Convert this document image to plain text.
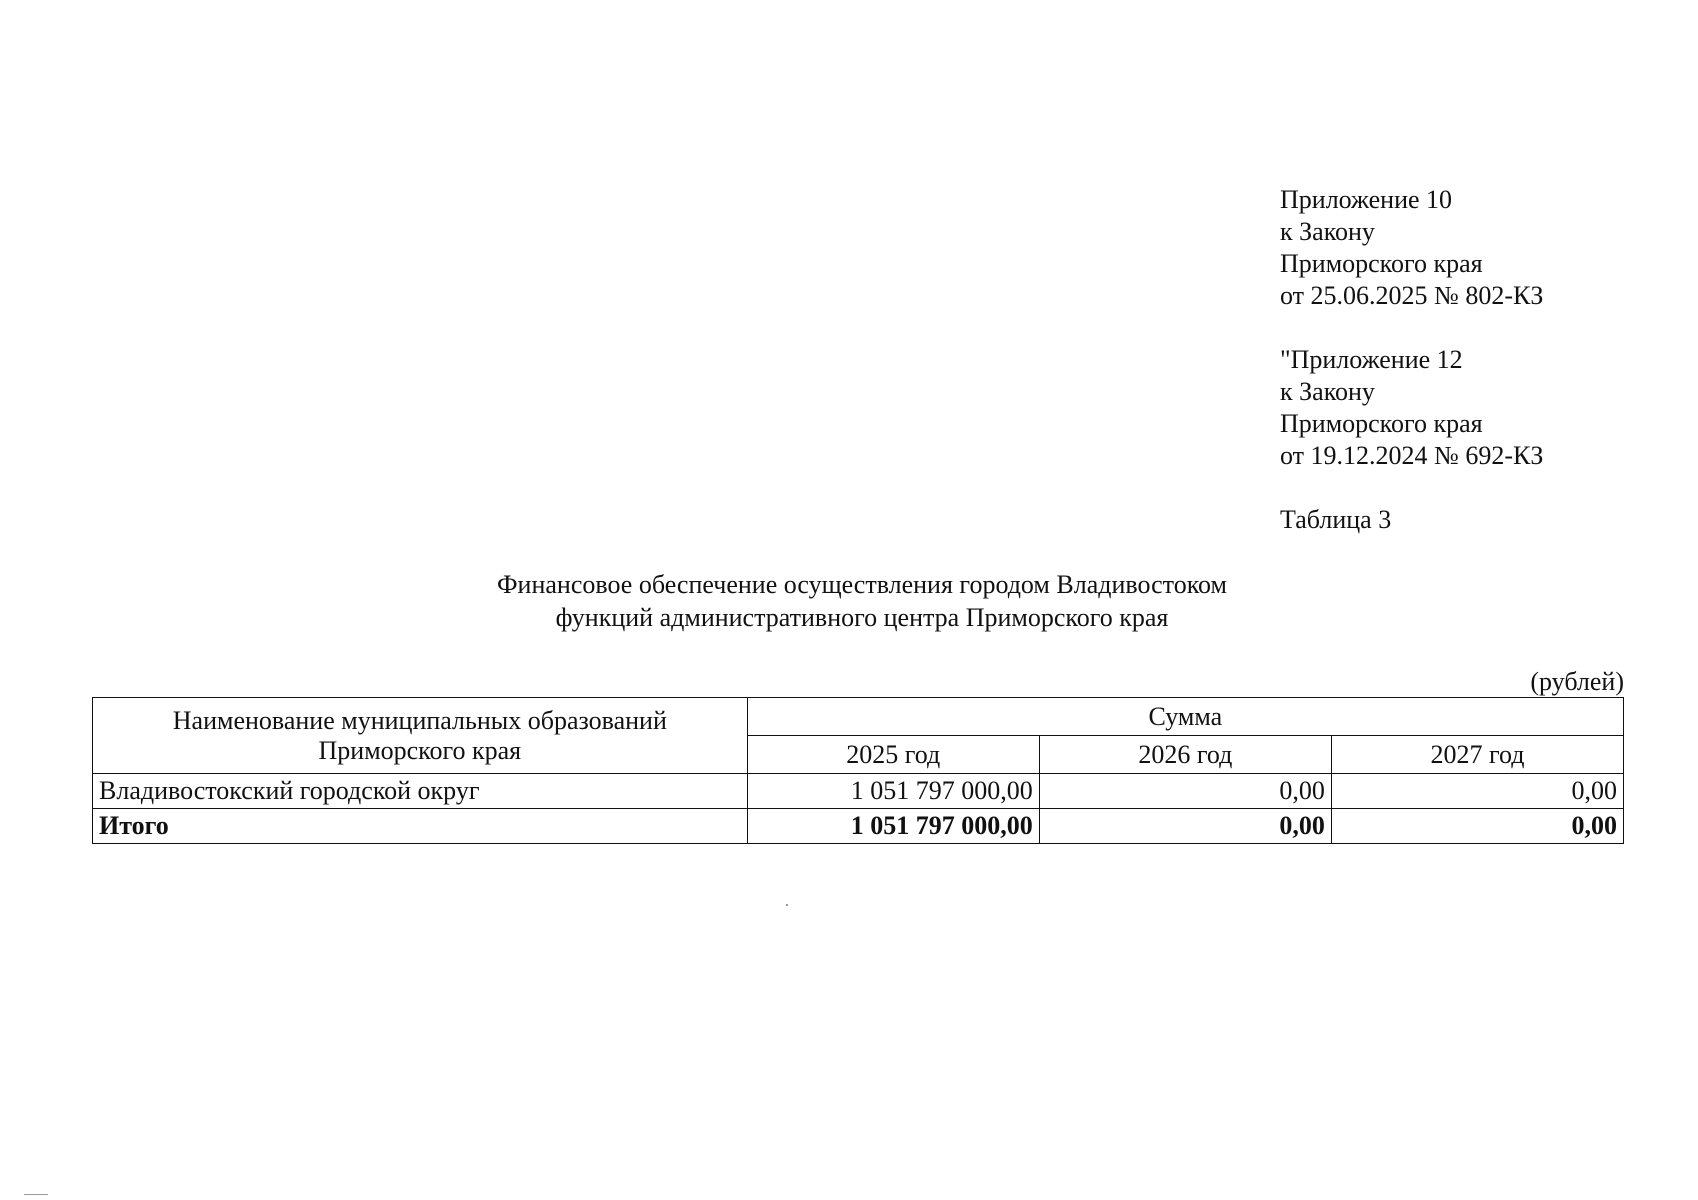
Приложение 10
к Закону
Приморского края
от 25.06.2025 № 802-КЗ
"Приложение 12
к Закону
Приморского края
от 19.12.2024 № 692-КЗ
Таблица 3
Финансовое обеспечение осуществления городом Владивостоком
функций административного центра Приморского края
(рублей)
Наименование муниципальных образований Приморского края	Сумма		
	2025 год	2026 год	2027 год
Владивостокский городской округ	1 051 797 000,00	0,00	0,00
Итого	1 051 797 000,00	0,00	0,00
